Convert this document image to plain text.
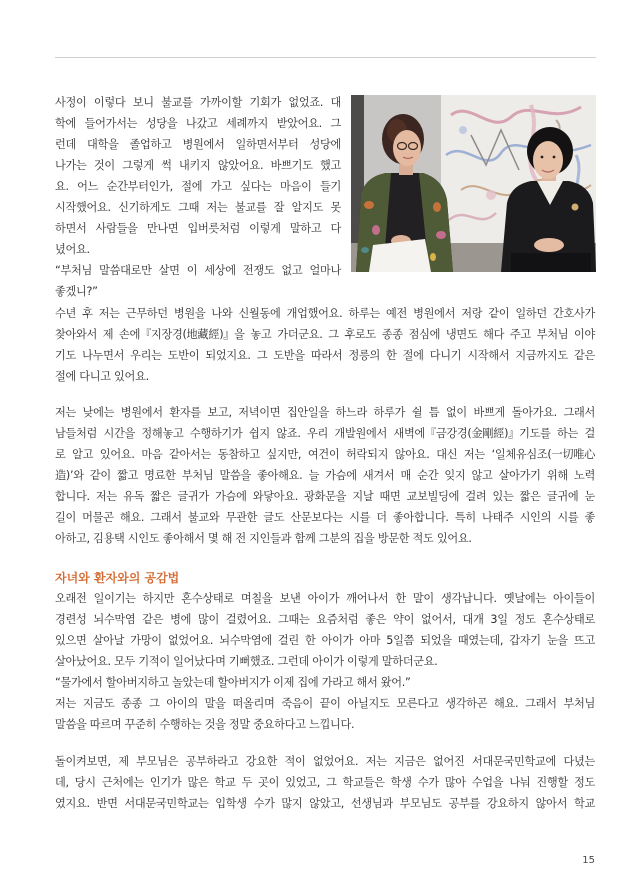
사정이 이렇다 보니 불교를 가까이할 기회가 없었죠. 대
학에 들어가서는 성당을 나갔고 세례까지 받았어요. 그
런데 대학을 졸업하고 병원에서 일하면서부터 성당에
나가는 것이 그렇게 썩 내키지 않았어요. 바쁘기도 했고
요. 어느 순간부터인가, 절에 가고 싶다는 마음이 들기
시작했어요. 신기하게도 그때 저는 불교를 잘 알지도 못
하면서 사람들을 만나면 입버릇처럼 이렇게 말하고 다
녔어요.
“부처님 말씀대로만 살면 이 세상에 전쟁도 없고 얼마나
좋겠니?”
수년 후 저는 근무하던 병원을 나와 신월동에 개업했어요. 하루는 예전 병원에서 저랑 같이 일하던 간호사가
찾아와서 제 손에『지장경(地藏經)』을 놓고 가더군요. 그 후로도 종종 점심에 냉면도 해다 주고 부처님 이야
기도 나누면서 우리는 도반이 되었지요. 그 도반을 따라서 정릉의 한 절에 다니기 시작해서 지금까지도 같은
절에 다니고 있어요.
저는 낮에는 병원에서 환자를 보고, 저녁이면 집안일을 하느라 하루가 쉴 틈 없이 바쁘게 돌아가요. 그래서
남들처럼 시간을 정해놓고 수행하기가 쉽지 않죠. 우리 개발원에서 새벽에『금강경(金剛經)』기도를 하는 걸
로 알고 있어요. 마음 같아서는 동참하고 싶지만, 여건이 허락되지 않아요. 대신 저는 ‘일체유심조(一切唯心
造)’와 같이 짧고 명료한 부처님 말씀을 좋아해요. 늘 가슴에 새겨서 매 순간 잊지 않고 살아가기 위해 노력
합니다. 저는 유독 짧은 글귀가 가슴에 와닿아요. 광화문을 지날 때면 교보빌딩에 걸려 있는 짧은 글귀에 눈
길이 머물곤 해요. 그래서 불교와 무관한 글도 산문보다는 시를 더 좋아합니다. 특히 나태주 시인의 시를 좋
아하고, 김용택 시인도 좋아해서 몇 해 전 지인들과 함께 그분의 집을 방문한 적도 있어요.
자녀와 환자와의 공감법
오래전 일이기는 하지만 혼수상태로 며칠을 보낸 아이가 깨어나서 한 말이 생각납니다. 옛날에는 아이들이
경련성 뇌수막염 같은 병에 많이 걸렸어요. 그때는 요즘처럼 좋은 약이 없어서, 대개 3일 정도 혼수상태로
있으면 살아날 가망이 없었어요. 뇌수막염에 걸린 한 아이가 아마 5일쯤 되었을 때였는데, 갑자기 눈을 뜨고
살아났어요. 모두 기적이 일어났다며 기뻐했죠. 그런데 아이가 이렇게 말하더군요.
“물가에서 할아버지하고 놀았는데 할아버지가 이제 집에 가라고 해서 왔어.”
저는 지금도 종종 그 아이의 말을 떠올리며 죽음이 끝이 아닐지도 모른다고 생각하곤 해요. 그래서 부처님
말씀을 따르며 꾸준히 수행하는 것을 정말 중요하다고 느낍니다.
돌이켜보면, 제 부모님은 공부하라고 강요한 적이 없었어요. 저는 지금은 없어진 서대문국민학교에 다녔는
데, 당시 근처에는 인기가 많은 학교 두 곳이 있었고, 그 학교들은 학생 수가 많아 수업을 나눠 진행할 정도
였지요. 반면 서대문국민학교는 입학생 수가 많지 않았고, 선생님과 부모님도 공부를 강요하지 않아서 학교
15
